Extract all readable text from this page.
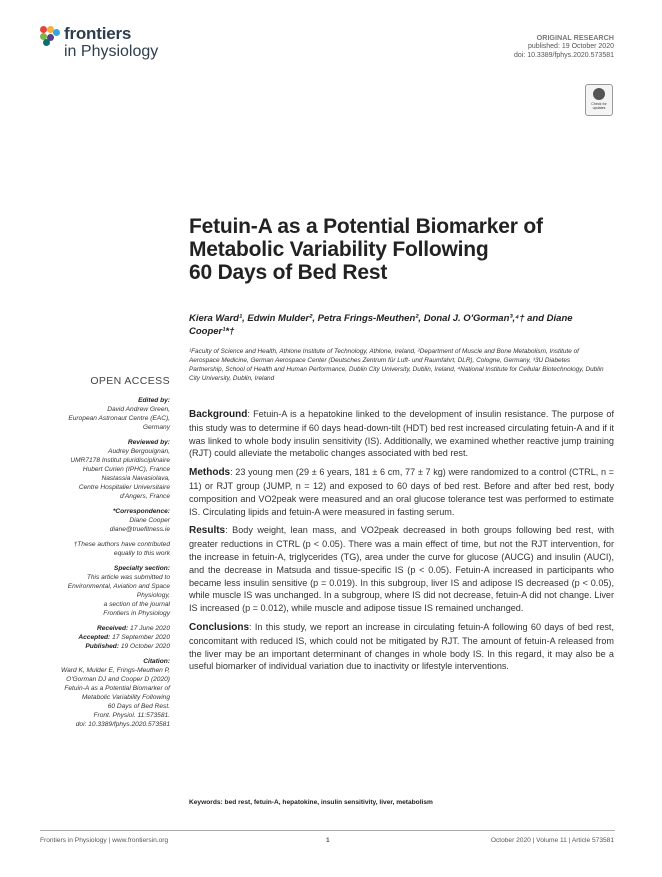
frontiers
in Physiology
ORIGINAL RESEARCH
published: 19 October 2020
doi: 10.3389/fphys.2020.573581
Check for updates
Fetuin-A as a Potential Biomarker of
Metabolic Variability Following
60 Days of Bed Rest
Kiera Ward¹, Edwin Mulder², Petra Frings-Meuthen², Donal J. O'Gorman³,⁴† and Diane Cooper¹*†
¹Faculty of Science and Health, Athlone Institute of Technology, Athlone, Ireland, ²Department of Muscle and Bone Metabolism, Institute of Aerospace Medicine, German Aerospace Center (Deutsches Zentrum für Luft- und Raumfahrt, DLR), Cologne, Germany, ³3U Diabetes Partnership, School of Health and Human Performance, Dublin City University, Dublin, Ireland, ⁴National Institute for Cellular Biotechnology, Dublin City University, Dublin, Ireland
OPEN ACCESS
Edited by:
David Andrew Green,
European Astronaut Centre (EAC),
Germany
Reviewed by:
Audrey Bergouignan,
UMR7178 Institut pluridisciplinaire
Hubert Curien (IPHC), France
Nastassia Navasiolava,
Centre Hospitalier Universitaire
d'Angers, France
*Correspondence:
Diane Cooper
diane@truefitness.ie
†These authors have contributed
equally to this work
Specialty section:
This article was submitted to
Environmental, Aviation and Space
Physiology,
a section of the journal
Frontiers in Physiology
Received: 17 June 2020
Accepted: 17 September 2020
Published: 19 October 2020
Citation:
Ward K, Mulder E, Frings-Meuthen P,
O'Gorman DJ and Cooper D (2020)
Fetuin-A as a Potential Biomarker of
Metabolic Variability Following
60 Days of Bed Rest.
Front. Physiol. 11:573581.
doi: 10.3389/fphys.2020.573581

Background: Fetuin-A is a hepatokine linked to the development of insulin resistance. The purpose of this study was to determine if 60 days head-down-tilt (HDT) bed rest increased circulating fetuin-A and if it was linked to whole body insulin sensitivity (IS). Additionally, we examined whether reactive jump training (RJT) could alleviate the metabolic changes associated with bed rest.

Methods: 23 young men (29 ± 6 years, 181 ± 6 cm, 77 ± 7 kg) were randomized to a control (CTRL, n = 11) or RJT group (JUMP, n = 12) and exposed to 60 days of bed rest. Before and after bed rest, body composition and VO2peak were measured and an oral glucose tolerance test was performed to estimate IS. Circulating lipids and fetuin-A were measured in fasting serum.

Results: Body weight, lean mass, and VO2peak decreased in both groups following bed rest, with greater reductions in CTRL (p < 0.05). There was a main effect of time, but not the RJT intervention, for the increase in fetuin-A, triglycerides (TG), area under the curve for glucose (AUCG) and insulin (AUCI), and the decrease in Matsuda and tissue-specific IS (p < 0.05). Fetuin-A increased in participants who became less insulin sensitive (p = 0.019). In this subgroup, liver IS and adipose IS decreased (p < 0.05), while muscle IS was unchanged. In a subgroup, where IS did not decrease, fetuin-A did not change. Liver IS increased (p = 0.012), while muscle and adipose tissue IS remained unchanged.

Conclusions: In this study, we report an increase in circulating fetuin-A following 60 days of bed rest, concomitant with reduced IS, which could not be mitigated by RJT. The amount of fetuin-A released from the liver may be an important determinant of changes in whole body IS. In this regard, it may also be a useful biomarker of individual variation due to inactivity or lifestyle interventions.

Keywords: bed rest, fetuin-A, hepatokine, insulin sensitivity, liver, metabolism
Frontiers in Physiology | www.frontiersin.org	1	October 2020 | Volume 11 | Article 573581
